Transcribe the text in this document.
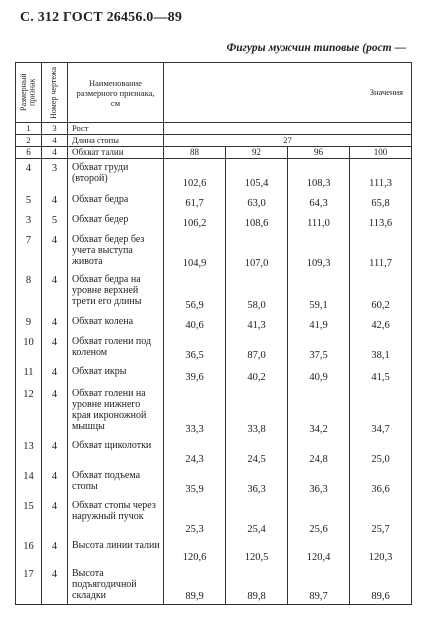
С. 312 ГОСТ 26456.0—89
Фигуры мужчин типовые (рост —
Размерный признак	Номер чертежа	Наименование размерного признака, см	Значения			
1	3	Рост				
2	4	Длина стопы	27			
6	4	Обхват талии	88	92	96	100
4	3	Обхват груди (второй)	102,6	105,4	108,3	111,3
5	4	Обхват бедра	61,7	63,0	64,3	65,8
3	5	Обхват бедер	106,2	108,6	111,0	113,6
7	4	Обхват бедер без учета выступа живота	104,9	107,0	109,3	111,7
8	4	Обхват бедра на уровне верхней трети его длины	56,9	58,0	59,1	60,2
9	4	Обхват колена	40,6	41,3	41,9	42,6
10	4	Обхват голени под коленом	36,5	87,0	37,5	38,1
11	4	Обхват икры	39,6	40,2	40,9	41,5
12	4	Обхват голени на уровне нижнего края икроножной мышцы	33,3	33,8	34,2	34,7
13	4	Обхват щиколотки	24,3	24,5	24,8	25,0
14	4	Обхват подъема стопы	35,9	36,3	36,3	36,6
15	4	Обхват стопы через наружный пучок	25,3	25,4	25,6	25,7
16	4	Высота линии талии	120,6	120,5	120,4	120,3
17	4	Высота подъягодичной складки	89,9	89,8	89,7	89,6
